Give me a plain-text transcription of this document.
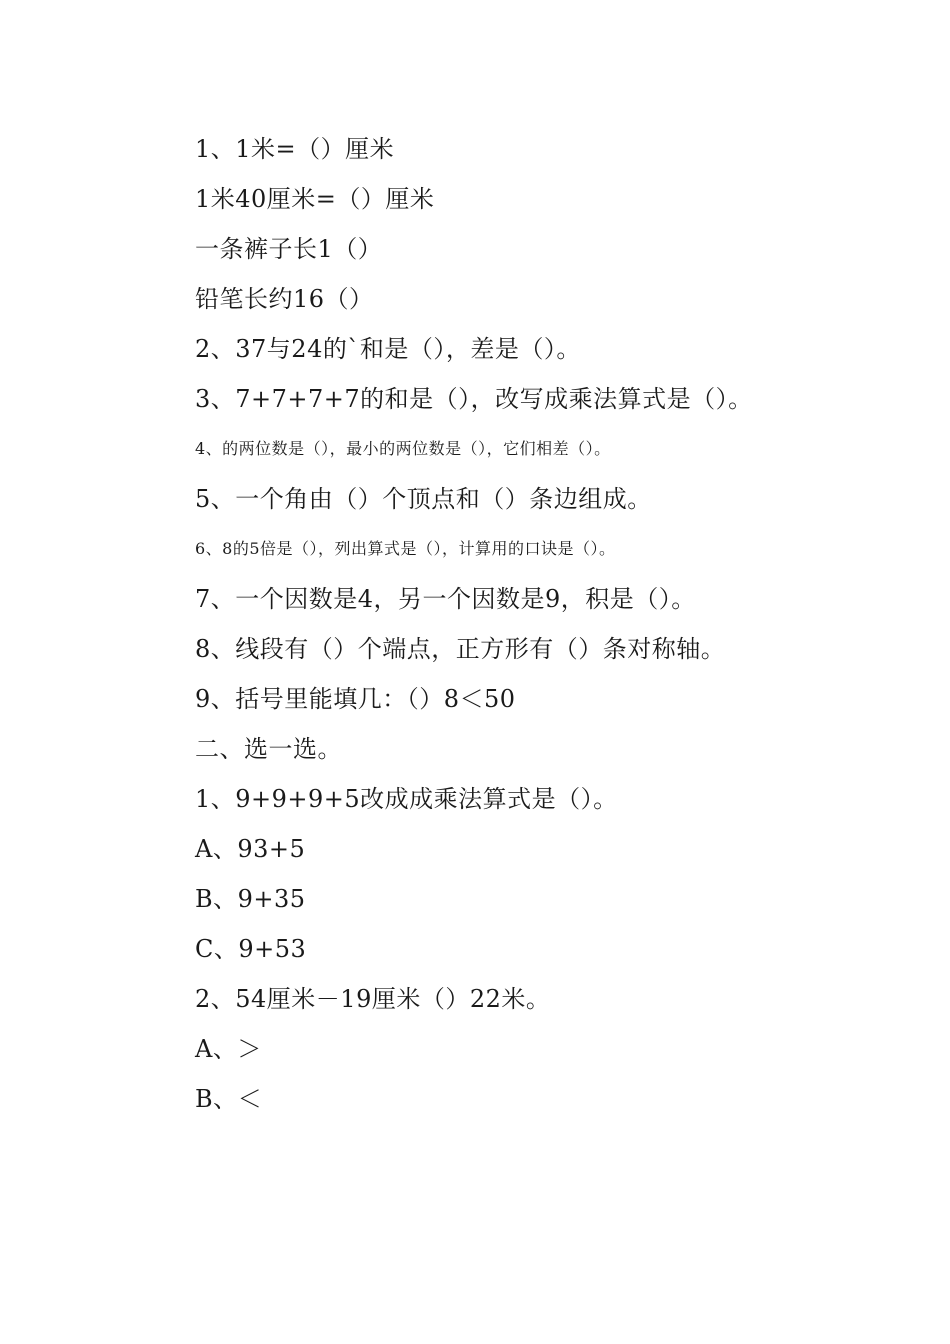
1、1米=（）厘米
1米40厘米=（）厘米
一条裤子长1（）
铅笔长约16（）
2、37与24的`和是（），差是（）。
3、7+7+7+7的和是（），改写成乘法算式是（）。
4、的两位数是（），最小的两位数是（），它们相差（）。
5、一个角由（）个顶点和（）条边组成。
6、8的5倍是（），列出算式是（），计算用的口诀是（）。
7、一个因数是4，另一个因数是9，积是（）。
8、线段有（）个端点，正方形有（）条对称轴。
9、括号里能填几：（）8＜50
二、选一选。
1、9+9+9+5改成成乘法算式是（）。
A、93+5
B、9+35
C、9+53
2、54厘米－19厘米（）22米。
A、＞
B、＜
